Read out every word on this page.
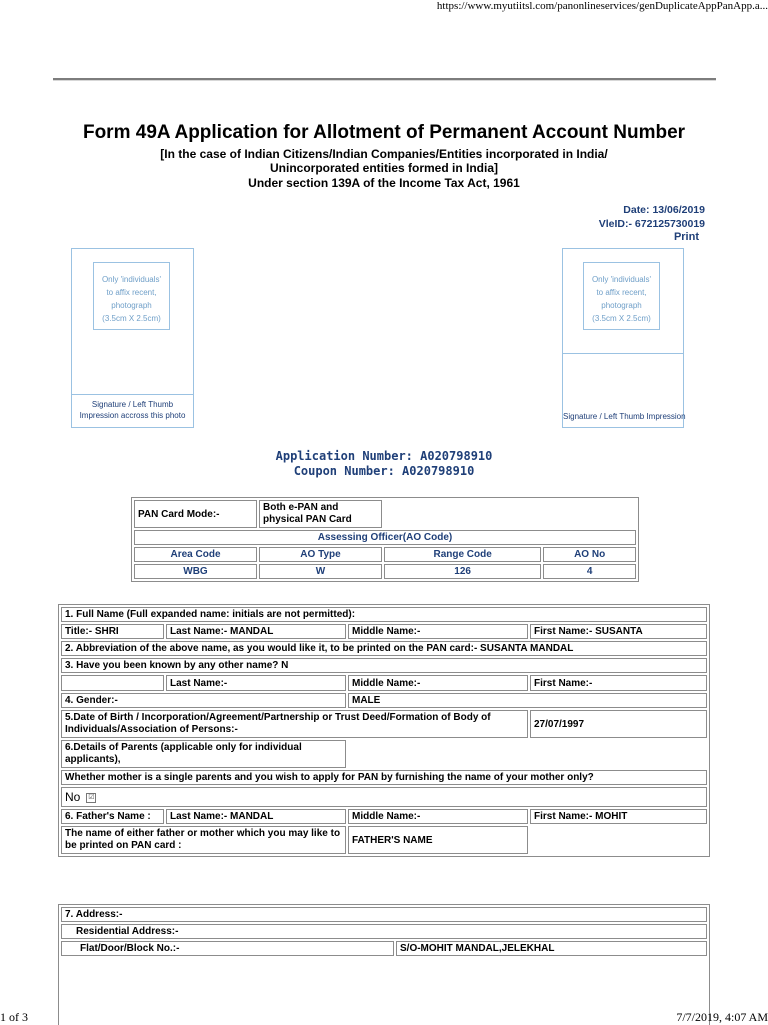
https://www.myutiitsl.com/panonlineservices/genDuplicateAppPanApp.a...
Form 49A Application for Allotment of Permanent Account Number
[In the case of Indian Citizens/Indian Companies/Entities incorporated in India/
Unincorporated entities formed in India]
Under section 139A of the Income Tax Act, 1961
Date: 13/06/2019
VleID:- 672125730019
Print
Only 'individuals'
to affix recent,
photograph
(3.5cm X 2.5cm)
Signature / Left Thumb
Impression accross this photo
Only 'individuals'
to affix recent,
photograph
(3.5cm X 2.5cm)
Signature / Left Thumb Impression
Application Number: A020798910
Coupon Number: A020798910
PAN Card Mode:-	Both e-PAN and physical PAN Card		
Assessing Officer(AO Code)			
Area Code	AO Type	Range Code	AO No
WBG	W	126	4
1. Full Name (Full expanded name: initials are not permitted):			
Title:- SHRI	Last Name:- MANDAL	Middle Name:-	First Name:- SUSANTA
2. Abbreviation of the above name, as you would like it, to be printed on the PAN card:- SUSANTA MANDAL			
3. Have you been known by any other name? N			
	Last Name:-	Middle Name:-	First Name:-
4. Gender:-		MALE	
5.Date of Birth / Incorporation/Agreement/Partnership or Trust Deed/Formation of Body of Individuals/Association of Persons:-			27/07/1997
6.Details of Parents (applicable only for individual applicants),			
Whether mother is a single parents and you wish to apply for PAN by furnishing the name of your mother only?			
No ☑			
6. Father's Name :	Last Name:- MANDAL	Middle Name:-	First Name:- MOHIT
The name of either father or mother which you may like to be printed on PAN card :		FATHER'S NAME	
7. Address:-
Residential Address:-
Flat/Door/Block No.:-	S/O-MOHIT MANDAL,JELEKHAL
1 of 3	7/7/2019, 4:07 AM
